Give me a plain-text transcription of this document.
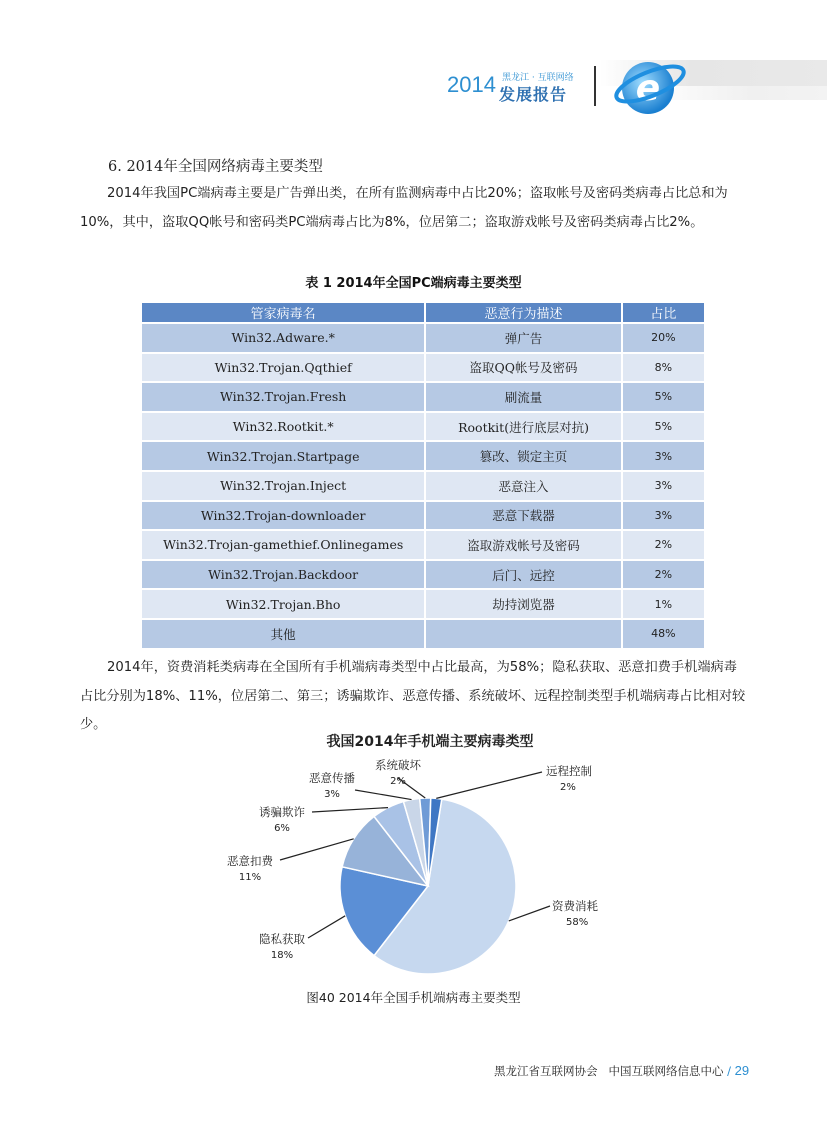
2014 黑龙江 · 互联网络
发展报告 e
6. 2014年全国网络病毒主要类型
2014年我国PC端病毒主要是广告弹出类，在所有监测病毒中占比20%；盗取帐号及密码类病毒占比总和为10%，其中，盗取QQ帐号和密码类PC端病毒占比为8%，位居第二；盗取游戏帐号及密码类病毒占比2%。
表 1 2014年全国PC端病毒主要类型
管家病毒名	恶意行为描述	占比
Win32.Adware.*	弹广告	20%
Win32.Trojan.Qqthief	盗取QQ帐号及密码	8%
Win32.Trojan.Fresh	刷流量	5%
Win32.Rootkit.*	Rootkit(进行底层对抗)	5%
Win32.Trojan.Startpage	篡改、锁定主页	3%
Win32.Trojan.Inject	恶意注入	3%
Win32.Trojan-downloader	恶意下载器	3%
Win32.Trojan-gamethief.Onlinegames	盗取游戏帐号及密码	2%
Win32.Trojan.Backdoor	后门、远控	2%
Win32.Trojan.Bho	劫持浏览器	1%
其他		48%
2014年，资费消耗类病毒在全国所有手机端病毒类型中占比最高，为58%；隐私获取、恶意扣费手机端病毒占比分别为18%、11%，位居第二、第三；诱骗欺诈、恶意传播、系统破坏、远程控制类型手机端病毒占比相对较少。
我国2014年手机端主要病毒类型
资费消耗
58%
隐私获取
18%
恶意扣费
11%
诱骗欺诈
6%
恶意传播
3%
系统破坏
2%
远程控制
2%
图40 2014年全国手机端病毒主要类型
黑龙江省互联网协会 中国互联网络信息中心 / 29
